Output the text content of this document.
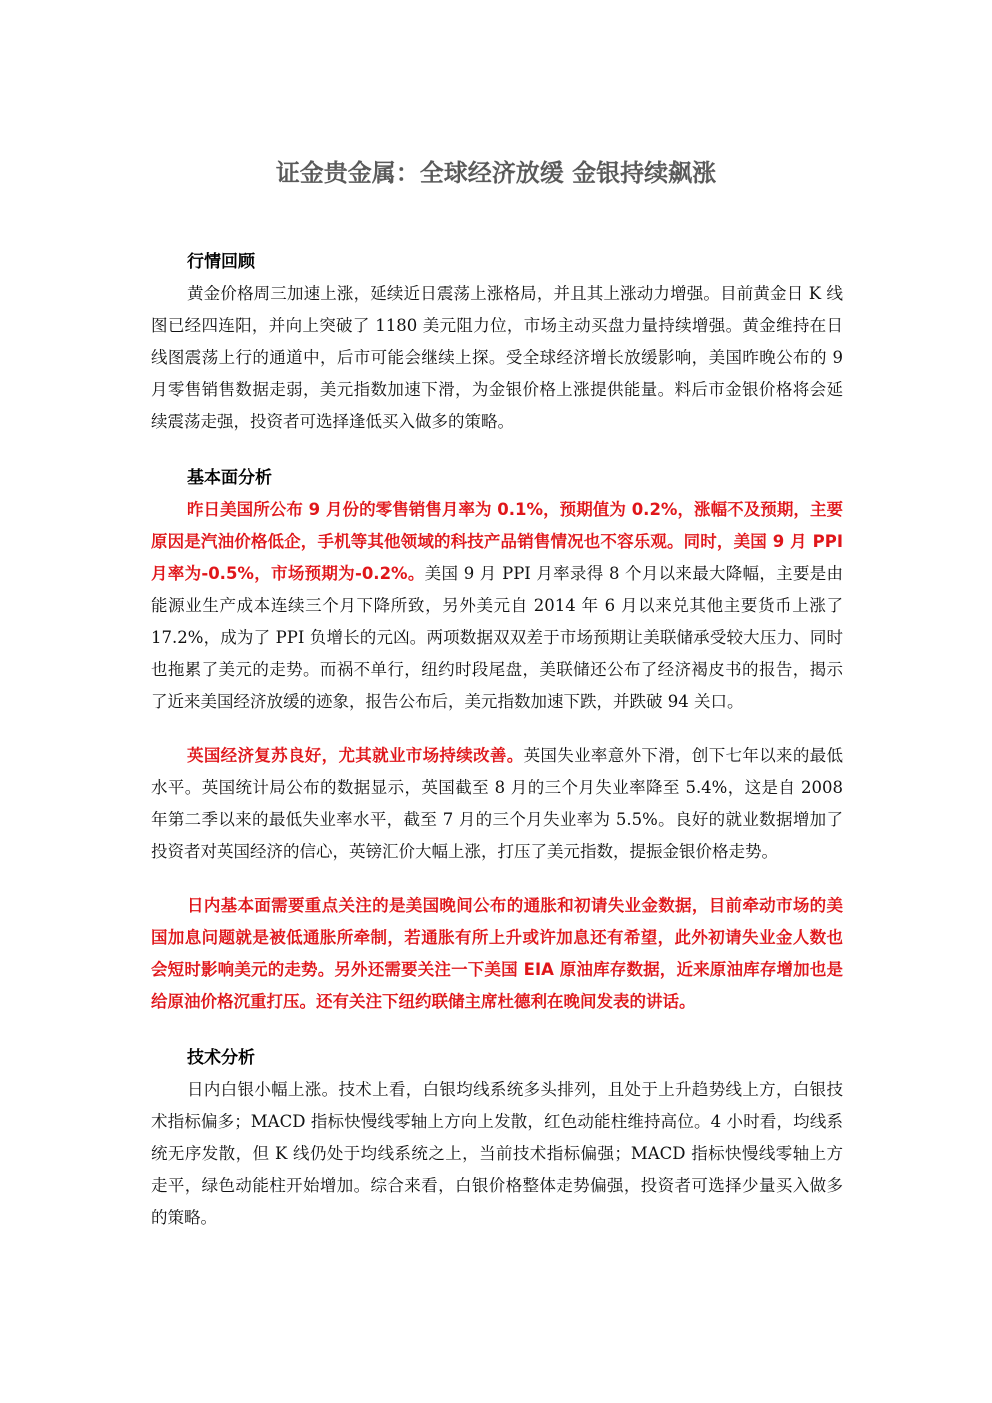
证金贵金属：全球经济放缓 金银持续飙涨
行情回顾

黄金价格周三加速上涨，延续近日震荡上涨格局，并且其上涨动力增强。目前黄金日 K 线图已经四连阳，并向上突破了 1180 美元阻力位，市场主动买盘力量持续增强。黄金维持在日线图震荡上行的通道中，后市可能会继续上探。受全球经济增长放缓影响，美国昨晚公布的 9 月零售销售数据走弱，美元指数加速下滑，为金银价格上涨提供能量。料后市金银价格将会延续震荡走强，投资者可选择逢低买入做多的策略。

基本面分析

昨日美国所公布 9 月份的零售销售月率为 0.1%，预期值为 0.2%，涨幅不及预期，主要原因是汽油价格低企，手机等其他领域的科技产品销售情况也不容乐观。同时，美国 9 月 PPI 月率为-0.5%，市场预期为-0.2%。美国 9 月 PPI 月率录得 8 个月以来最大降幅，主要是由能源业生产成本连续三个月下降所致，另外美元自 2014 年 6 月以来兑其他主要货币上涨了 17.2%，成为了 PPI 负增长的元凶。两项数据双双差于市场预期让美联储承受较大压力、同时也拖累了美元的走势。而祸不单行，纽约时段尾盘，美联储还公布了经济褐皮书的报告，揭示了近来美国经济放缓的迹象，报告公布后，美元指数加速下跌，并跌破 94 关口。

英国经济复苏良好，尤其就业市场持续改善。英国失业率意外下滑，创下七年以来的最低水平。英国统计局公布的数据显示，英国截至 8 月的三个月失业率降至 5.4%，这是自 2008 年第二季以来的最低失业率水平，截至 7 月的三个月失业率为 5.5%。良好的就业数据增加了投资者对英国经济的信心，英镑汇价大幅上涨，打压了美元指数，提振金银价格走势。

日内基本面需要重点关注的是美国晚间公布的通胀和初请失业金数据，目前牵动市场的美国加息问题就是被低通胀所牵制，若通胀有所上升或许加息还有希望，此外初请失业金人数也会短时影响美元的走势。另外还需要关注一下美国 EIA 原油库存数据，近来原油库存增加也是给原油价格沉重打压。还有关注下纽约联储主席杜德利在晚间发表的讲话。

技术分析

日内白银小幅上涨。技术上看，白银均线系统多头排列，且处于上升趋势线上方，白银技术指标偏多；MACD 指标快慢线零轴上方向上发散，红色动能柱维持高位。4 小时看，均线系统无序发散，但 K 线仍处于均线系统之上，当前技术指标偏强；MACD 指标快慢线零轴上方走平，绿色动能柱开始增加。综合来看，白银价格整体走势偏强，投资者可选择少量买入做多的策略。
